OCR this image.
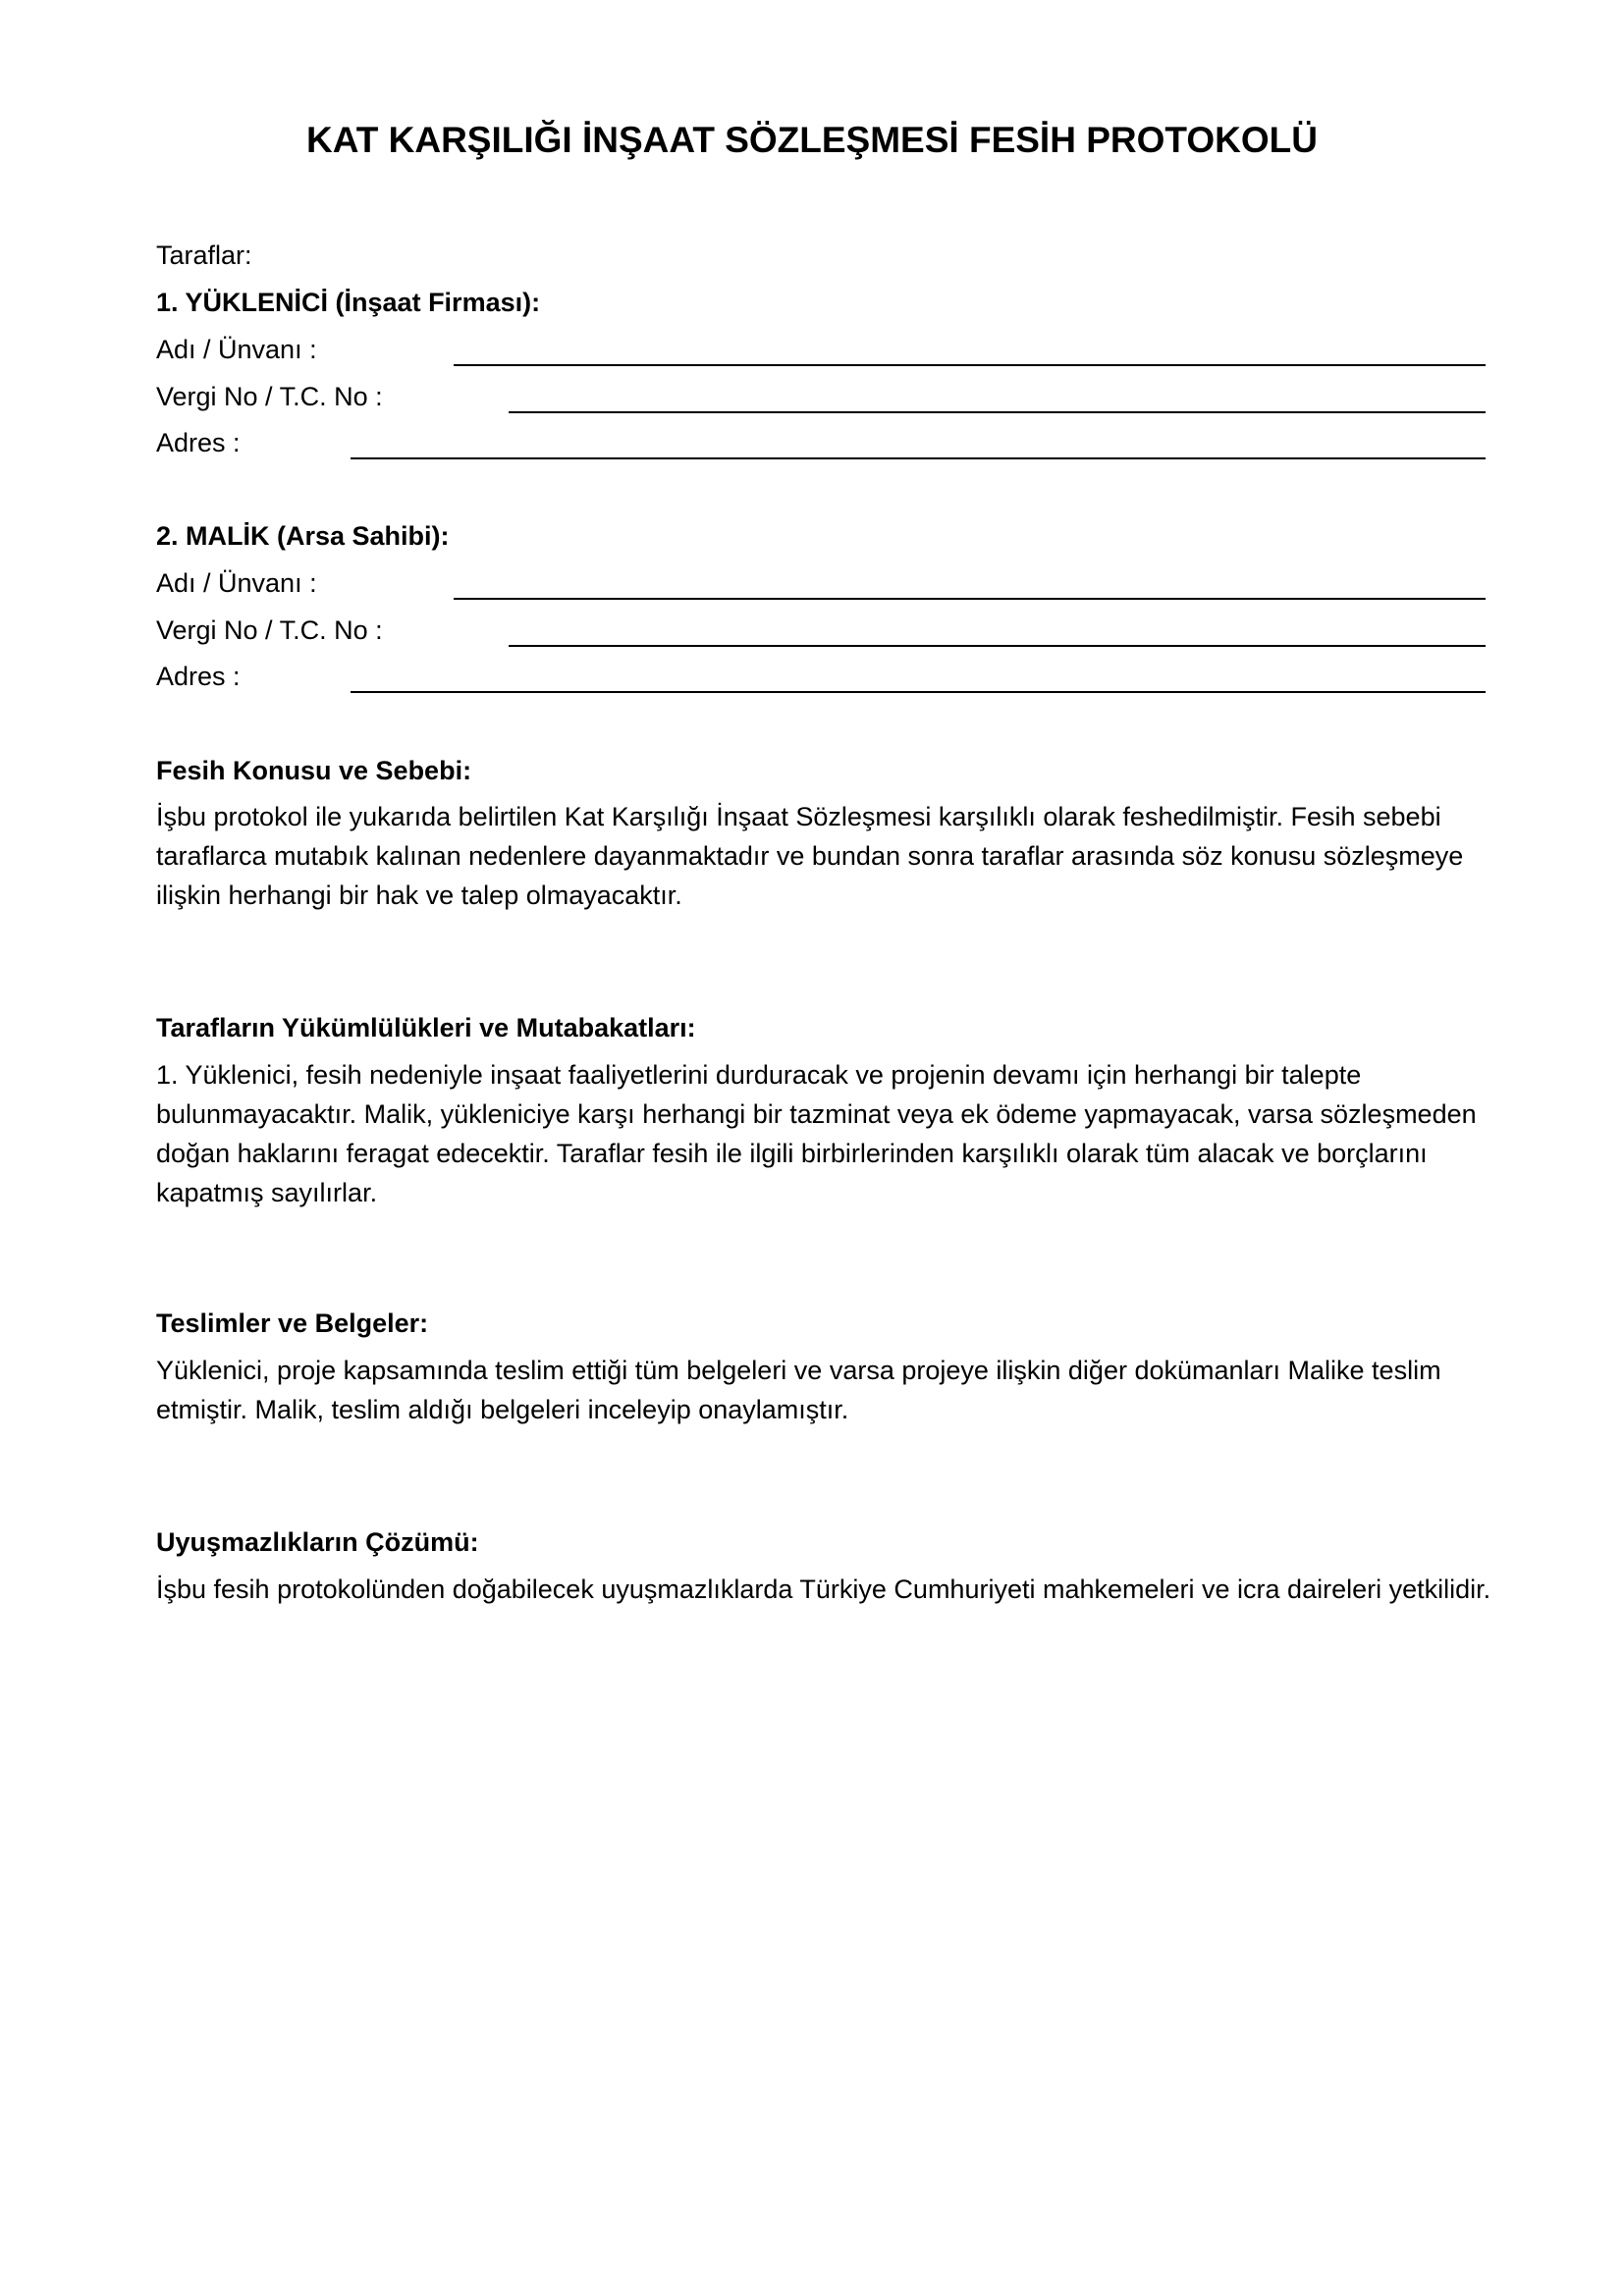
KAT KARŞILIĞI İNŞAAT SÖZLEŞMESİ FESİH PROTOKOLÜ
Taraflar:
1. YÜKLENİCİ (İnşaat Firması):
Adı / Ünvanı :
Vergi No / T.C. No :
Adres :
2. MALİK (Arsa Sahibi):
Adı / Ünvanı :
Vergi No / T.C. No :
Adres :
Fesih Konusu ve Sebebi:

İşbu protokol ile yukarıda belirtilen Kat Karşılığı İnşaat Sözleşmesi karşılıklı olarak feshedilmiştir. Fesih sebebi taraflarca mutabık kalınan nedenlere dayanmaktadır ve bundan sonra taraflar arasında söz konusu sözleşmeye ilişkin herhangi bir hak ve talep olmayacaktır.

Tarafların Yükümlülükleri ve Mutabakatları:

1. Yüklenici, fesih nedeniyle inşaat faaliyetlerini durduracak ve projenin devamı için herhangi bir talepte bulunmayacaktır. Malik, yükleniciye karşı herhangi bir tazminat veya ek ödeme yapmayacak, varsa sözleşmeden doğan haklarını feragat edecektir. Taraflar fesih ile ilgili birbirlerinden karşılıklı olarak tüm alacak ve borçlarını kapatmış sayılırlar.

Teslimler ve Belgeler:

Yüklenici, proje kapsamında teslim ettiği tüm belgeleri ve varsa projeye ilişkin diğer dokümanları Malike teslim etmiştir. Malik, teslim aldığı belgeleri inceleyip onaylamıştır.

Uyuşmazlıkların Çözümü:

İşbu fesih protokolünden doğabilecek uyuşmazlıklarda Türkiye Cumhuriyeti mahkemeleri ve icra daireleri yetkilidir.
